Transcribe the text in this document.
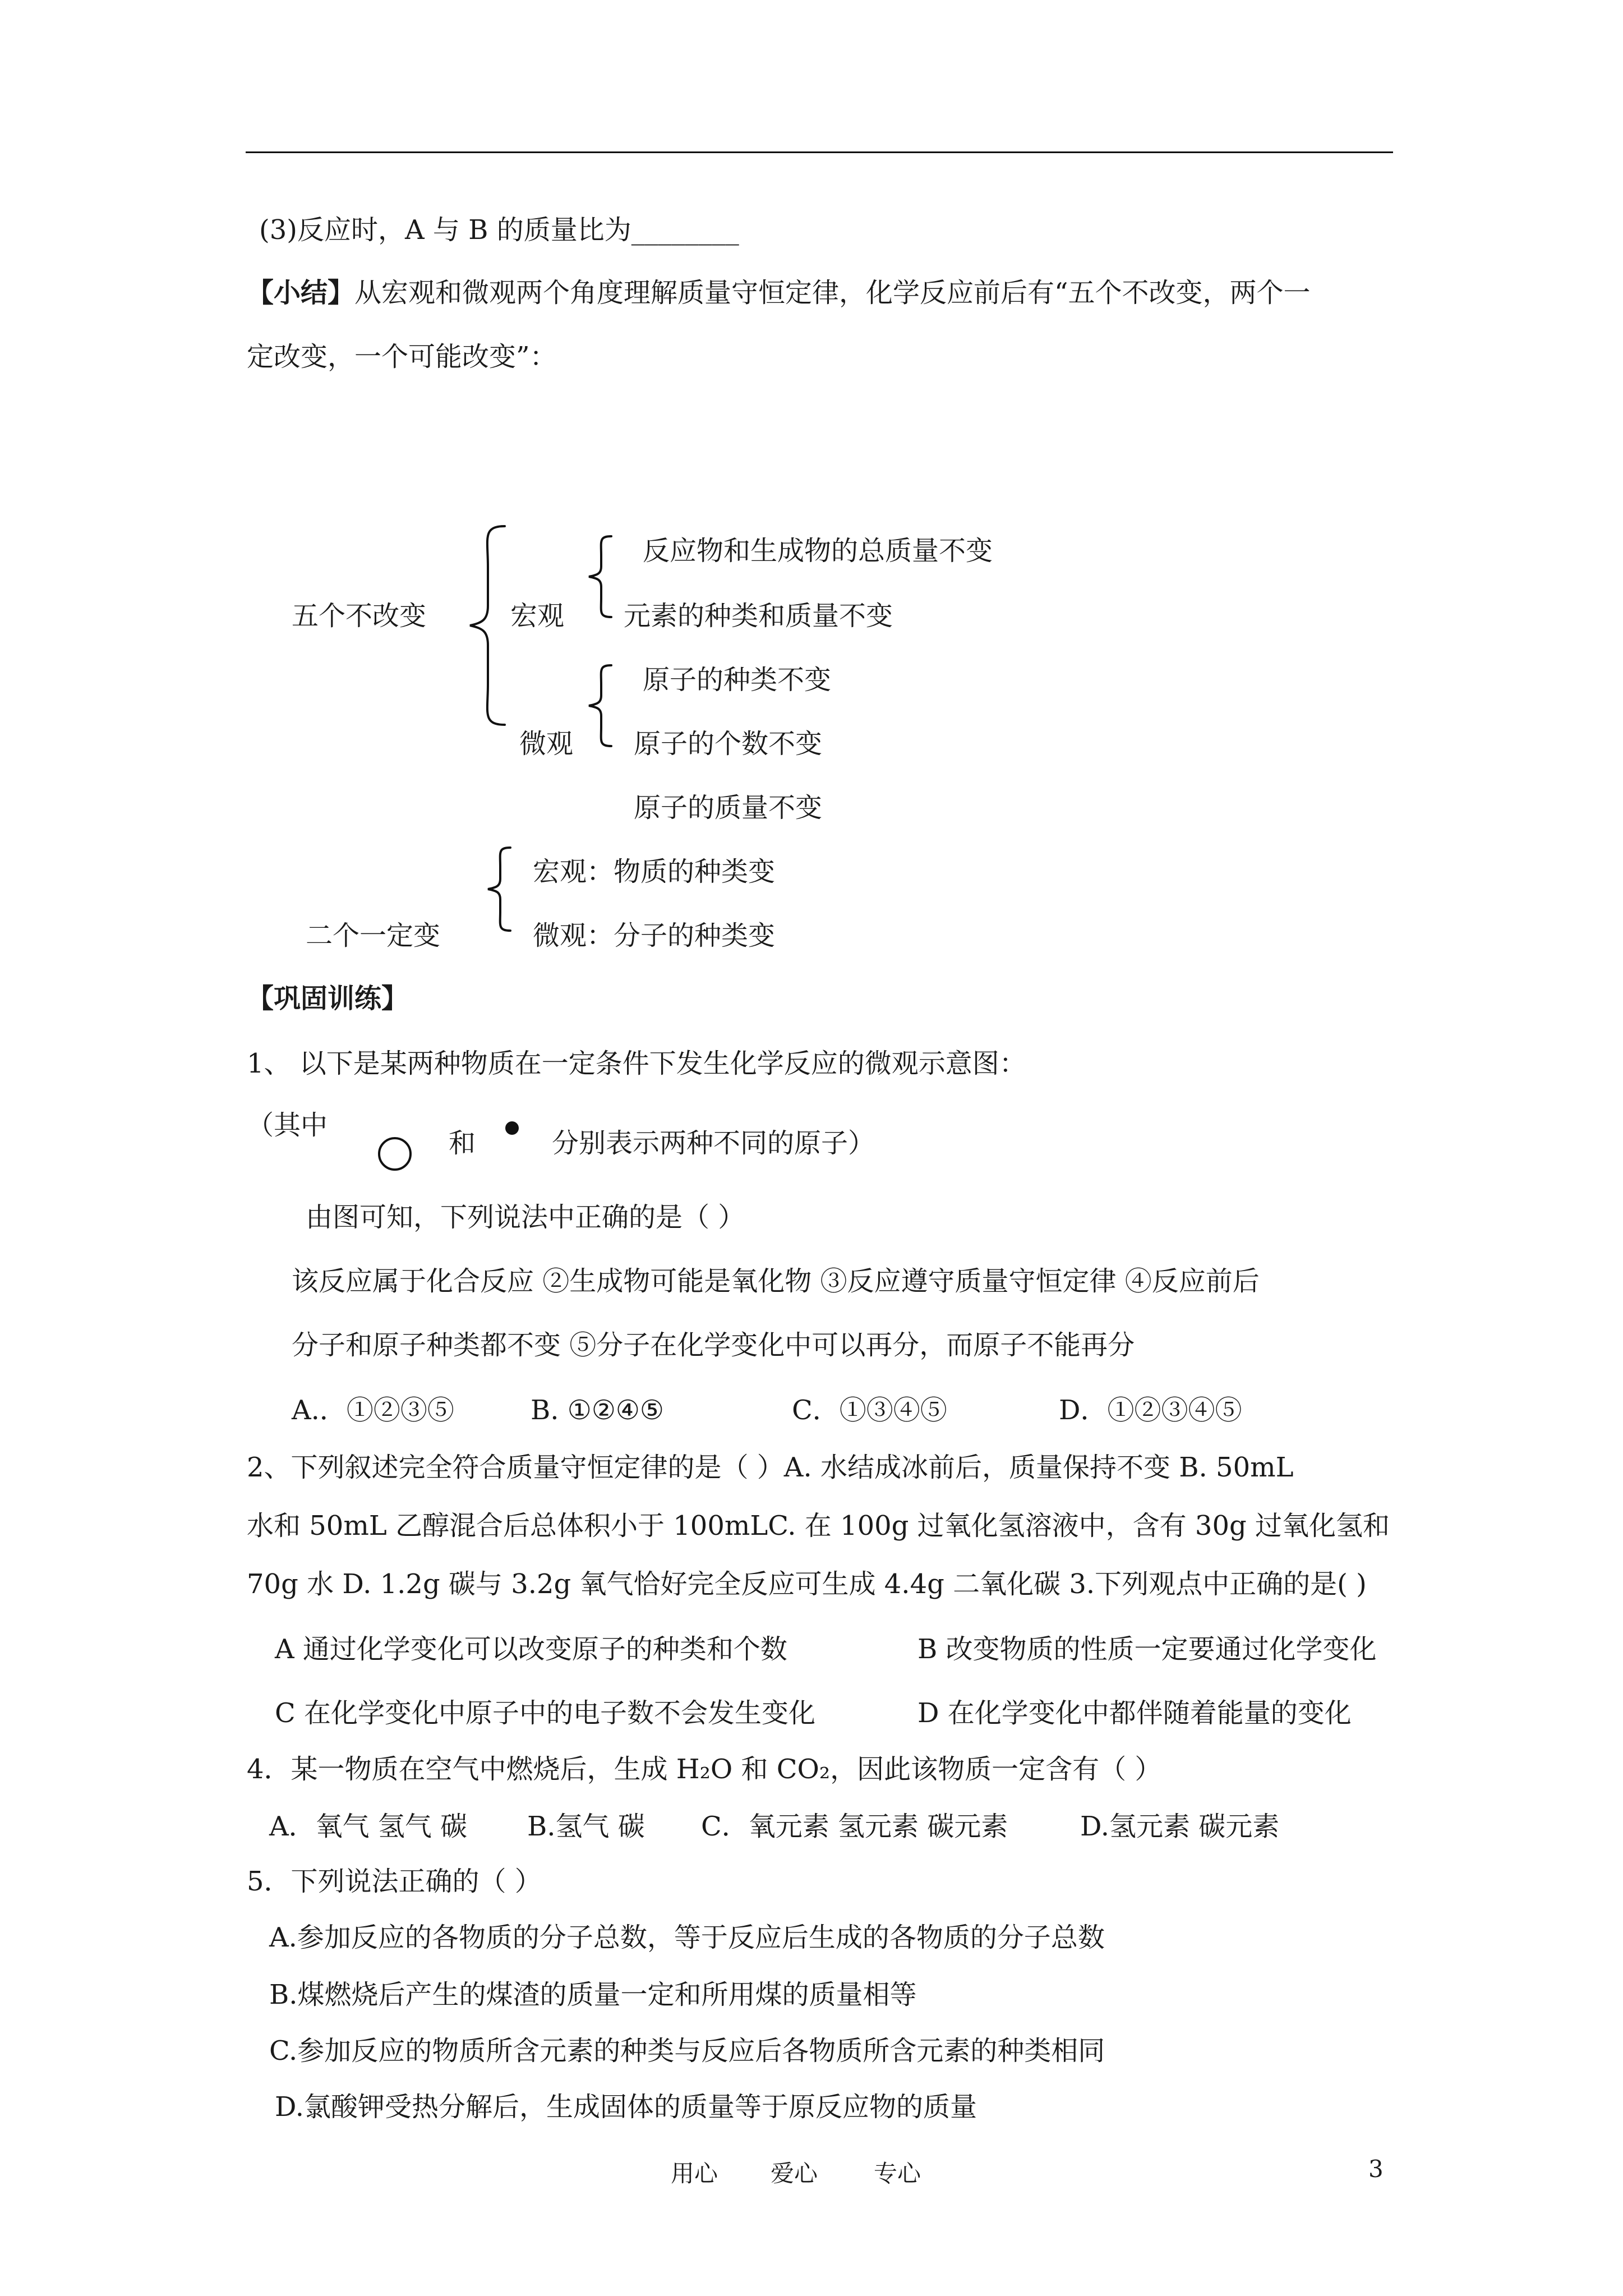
(3)反应时，A 与 B 的质量比为________
【小结】从宏观和微观两个角度理解质量守恒定律，化学反应前后有“五个不改变，两个一
定改变，一个可能改变”：
五个不改变	宏观
反应物和生成物的总质量不变
元素的种类和质量不变
原子的种类不变
微观 原子的个数不变
原子的质量不变
宏观：物质的种类变
二个一定变	微观：分子的种类变
【巩固训练】
1、 以下是某两种物质在一定条件下发生化学反应的微观示意图：
（其中
和	分别表示两种不同的原子）
由图可知，下列说法中正确的是（ ）
该反应属于化合反应 ②生成物可能是氧化物 ③反应遵守质量守恒定律 ④反应前后
分子和原子种类都不变 ⑤分子在化学变化中可以再分，而原子不能再分
A.．①②③⑤	B. ①②④⑤	C．①③④⑤	D．①②③④⑤
2、下列叙述完全符合质量守恒定律的是（ ）A. 水结成冰前后，质量保持不变 B. 50mL
水和 50mL 乙醇混合后总体积小于 100mLC. 在 100g 过氧化氢溶液中，含有 30g 过氧化氢和
70g 水 D. 1.2g 碳与 3.2g 氧气恰好完全反应可生成 4.4g 二氧化碳 3.下列观点中正确的是( )
A 通过化学变化可以改变原子的种类和个数	B 改变物质的性质一定要通过化学变化
C 在化学变化中原子中的电子数不会发生变化	D 在化学变化中都伴随着能量的变化
4．某一物质在空气中燃烧后，生成 H₂O 和 CO₂，因此该物质一定含有（ ）
A．氧气 氢气 碳 B.氢气 碳 C．氧元素 氢元素 碳元素	D.氢元素 碳元素
5．下列说法正确的（ ）
A.参加反应的各物质的分子总数，等于反应后生成的各物质的分子总数
B.煤燃烧后产生的煤渣的质量一定和所用煤的质量相等
C.参加反应的物质所含元素的种类与反应后各物质所含元素的种类相同
D.氯酸钾受热分解后，生成固体的质量等于原反应物的质量
用心 爱心 专心	3
